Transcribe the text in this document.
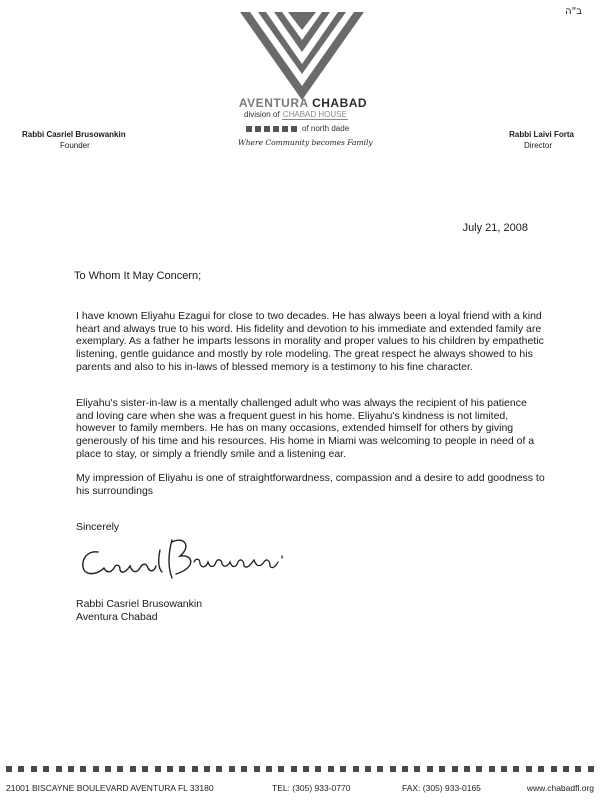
ב"ה
AVENTURA CHABAD
division of CHABAD HOUSE
of north dade
Where Community becomes Family
Rabbi Casriel Brusowankin
Founder
Rabbi Laivi Forta
Director
July 21, 2008
To Whom It May Concern;
I have known Eliyahu Ezagui for close to two decades. He has always been a loyal friend with a kind heart and always true to his word. His fidelity and devotion to his immediate and extended family are exemplary. As a father he imparts lessons in morality and proper values to his children by empathetic listening, gentle guidance and mostly by role modeling. The great respect he always showed to his parents and also to his in-laws of blessed memory is a testimony to his fine character.
Eliyahu's sister-in-law is a mentally challenged adult who was always the recipient of his patience and loving care when she was a frequent guest in his home. Eliyahu's kindness is not limited, however to family members. He has on many occasions, extended himself for others by giving generously of his time and his resources. His home in Miami was welcoming to people in need of a place to stay, or simply a friendly smile and a listening ear.
My impression of Eliyahu is one of straightforwardness, compassion and a desire to add goodness to his surroundings
Sincerely
Rabbi Casriel Brusowankin
Aventura Chabad
21001 BISCAYNE BOULEVARD AVENTURA FL 33180	TEL: (305) 933-0770	FAX: (305) 933-0165	www.chabadfl.org
